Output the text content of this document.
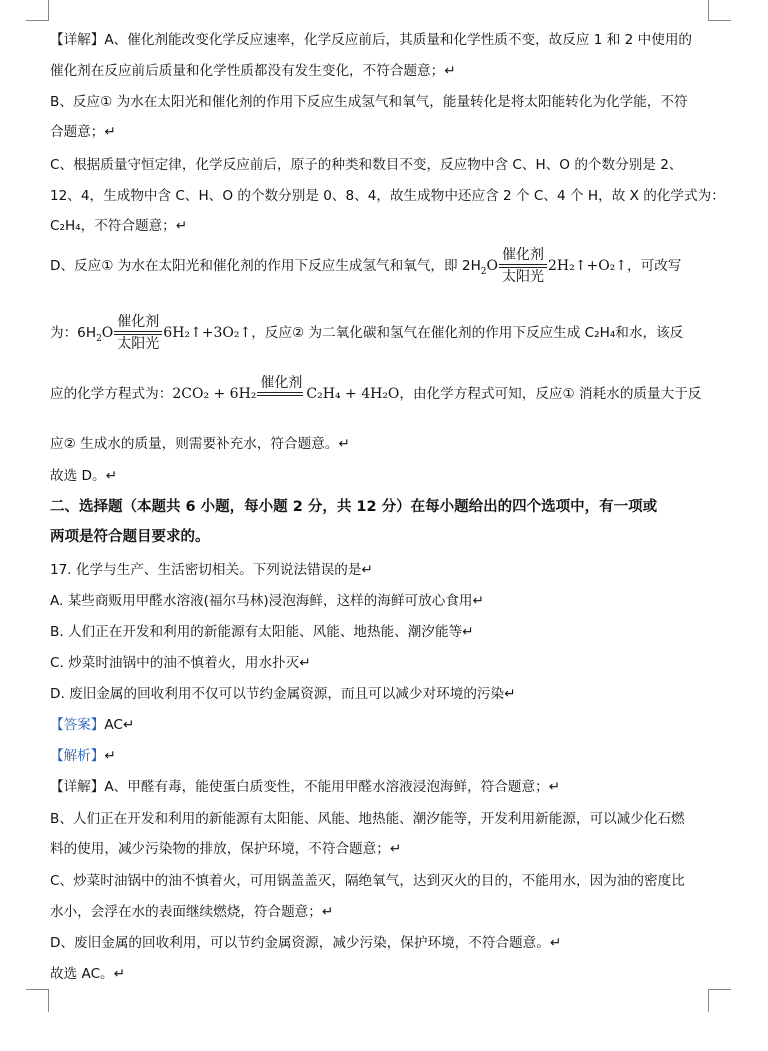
【详解】A、催化剂能改变化学反应速率，化学反应前后，其质量和化学性质不变，故反应 1 和 2 中使用的
催化剂在反应前后质量和化学性质都没有发生变化，不符合题意；↵
B、反应① 为水在太阳光和催化剂的作用下反应生成氢气和氧气，能量转化是将太阳能转化为化学能，不符
合题意；↵
C、根据质量守恒定律，化学反应前后，原子的种类和数目不变，反应物中含 C、H、O 的个数分别是 2、
12、4，生成物中含 C、H、O 的个数分别是 0、8、4，故生成物中还应含 2 个 C、4 个 H，故 X 的化学式为：
C₂H₄，不符合题意；↵
D、反应① 为水在太阳光和催化剂的作用下反应生成氢气和氧气，即 $2H_2O$
催化剂
太阳光
2H₂↑+O₂↑，可改写
为：$6H_2O$
催化剂
太阳光
6H₂↑+3O₂↑，反应② 为二氧化碳和氢气在催化剂的作用下反应生成 C₂H₄和水，该反
应的化学方程式为：2CO₂ + 6H₂
催化剂
C₂H₄ + 4H₂O，由化学方程式可知，反应① 消耗水的质量大于反
应② 生成水的质量，则需要补充水，符合题意。↵
故选 D。↵
二、选择题（本题共 6 小题，每小题 2 分，共 12 分）在每小题给出的四个选项中，有一项或
两项是符合题目要求的。
17. 化学与生产、生活密切相关。下列说法错误的是↵
A. 某些商贩用甲醛水溶液(福尔马林)浸泡海鲜，这样的海鲜可放心食用↵
B. 人们正在开发和利用的新能源有太阳能、风能、地热能、潮汐能等↵
C. 炒菜时油锅中的油不慎着火，用水扑灭↵
D. 废旧金属的回收利用不仅可以节约金属资源，而且可以减少对环境的污染↵
【答案】AC↵
【解析】↵
【详解】A、甲醛有毒，能使蛋白质变性，不能用甲醛水溶液浸泡海鲜，符合题意；↵
B、人们正在开发和利用的新能源有太阳能、风能、地热能、潮汐能等，开发利用新能源，可以减少化石燃
料的使用，减少污染物的排放，保护环境，不符合题意；↵
C、炒菜时油锅中的油不慎着火，可用锅盖盖灭，隔绝氧气，达到灭火的目的，不能用水，因为油的密度比
水小，会浮在水的表面继续燃烧，符合题意；↵
D、废旧金属的回收利用，可以节约金属资源，减少污染，保护环境，不符合题意。↵
故选 AC。↵
